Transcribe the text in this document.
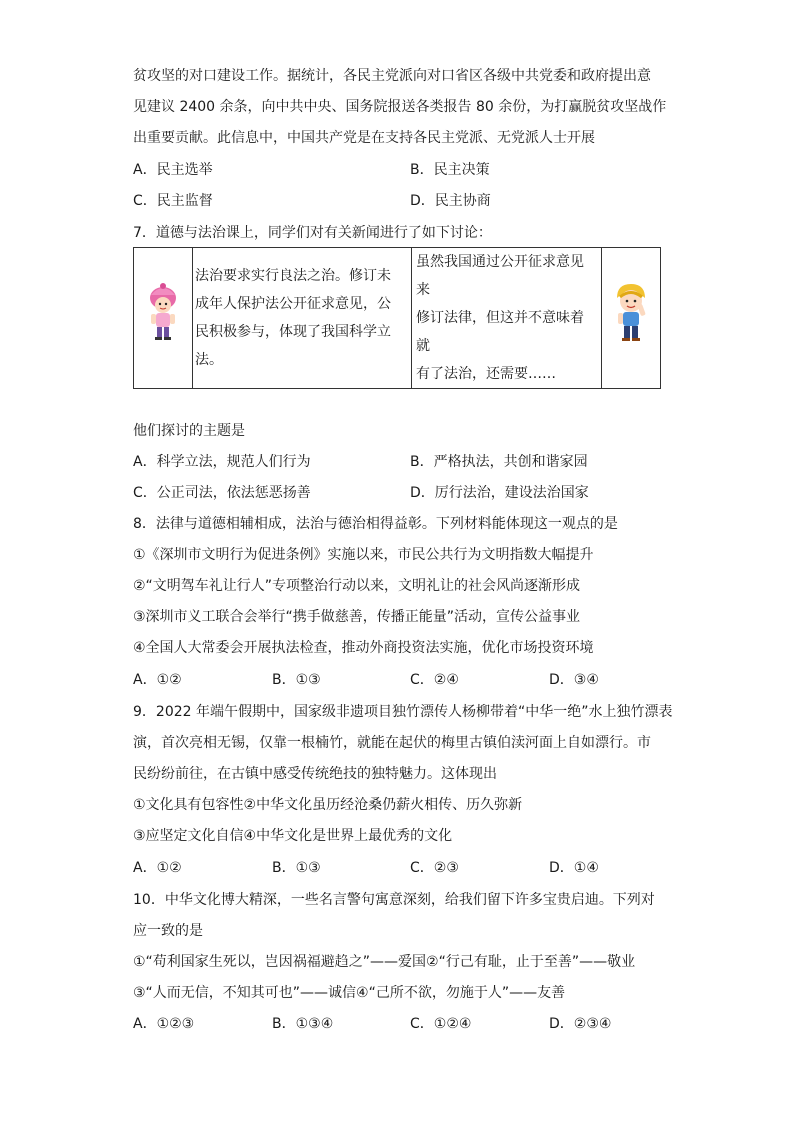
贫攻坚的对口建设工作。据统计，各民主党派向对口省区各级中共党委和政府提出意
见建议 2400 余条，向中共中央、国务院报送各类报告 80 余份，为打赢脱贫攻坚战作
出重要贡献。此信息中，中国共产党是在支持各民主党派、无党派人士开展
A．民主选举	B．民主决策
C．民主监督	D．民主协商
7．道德与法治课上，同学们对有关新闻进行了如下讨论：

法治要求实行良法之治。修订未
成年人保护法公开征求意见，公
民积极参与，体现了我国科学立
法。

虽然我国通过公开征求意见来
修订法律，但这并不意味着就
有了法治，还需要……

他们探讨的主题是
A．科学立法，规范人们行为	B．严格执法，共创和谐家园
C．公正司法，依法惩恶扬善	D．厉行法治，建设法治国家
8．法律与道德相辅相成，法治与德治相得益彰。下列材料能体现这一观点的是
①《深圳市文明行为促进条例》实施以来，市民公共行为文明指数大幅提升
②“文明驾车礼让行人”专项整治行动以来，文明礼让的社会风尚逐渐形成
③深圳市义工联合会举行“携手做慈善，传播正能量”活动，宣传公益事业
④全国人大常委会开展执法检查，推动外商投资法实施，优化市场投资环境
A．①②	B．①③	C．②④	D．③④
9．2022 年端午假期中，国家级非遗项目独竹漂传人杨柳带着“中华一绝”水上独竹漂表
演，首次亮相无锡，仅靠一根楠竹，就能在起伏的梅里古镇伯渎河面上自如漂行。市
民纷纷前往，在古镇中感受传统绝技的独特魅力。这体现出
①文化具有包容性②中华文化虽历经沧桑仍薪火相传、历久弥新
③应坚定文化自信④中华文化是世界上最优秀的文化
A．①②	B．①③	C．②③	D．①④
10．中华文化博大精深，一些名言警句寓意深刻，给我们留下许多宝贵启迪。下列对
应一致的是
①“苟利国家生死以，岂因祸福避趋之”——爱国②“行己有耻，止于至善”——敬业
③“人而无信，不知其可也”——诚信④“己所不欲，勿施于人”——友善
A．①②③	B．①③④	C．①②④	D．②③④
